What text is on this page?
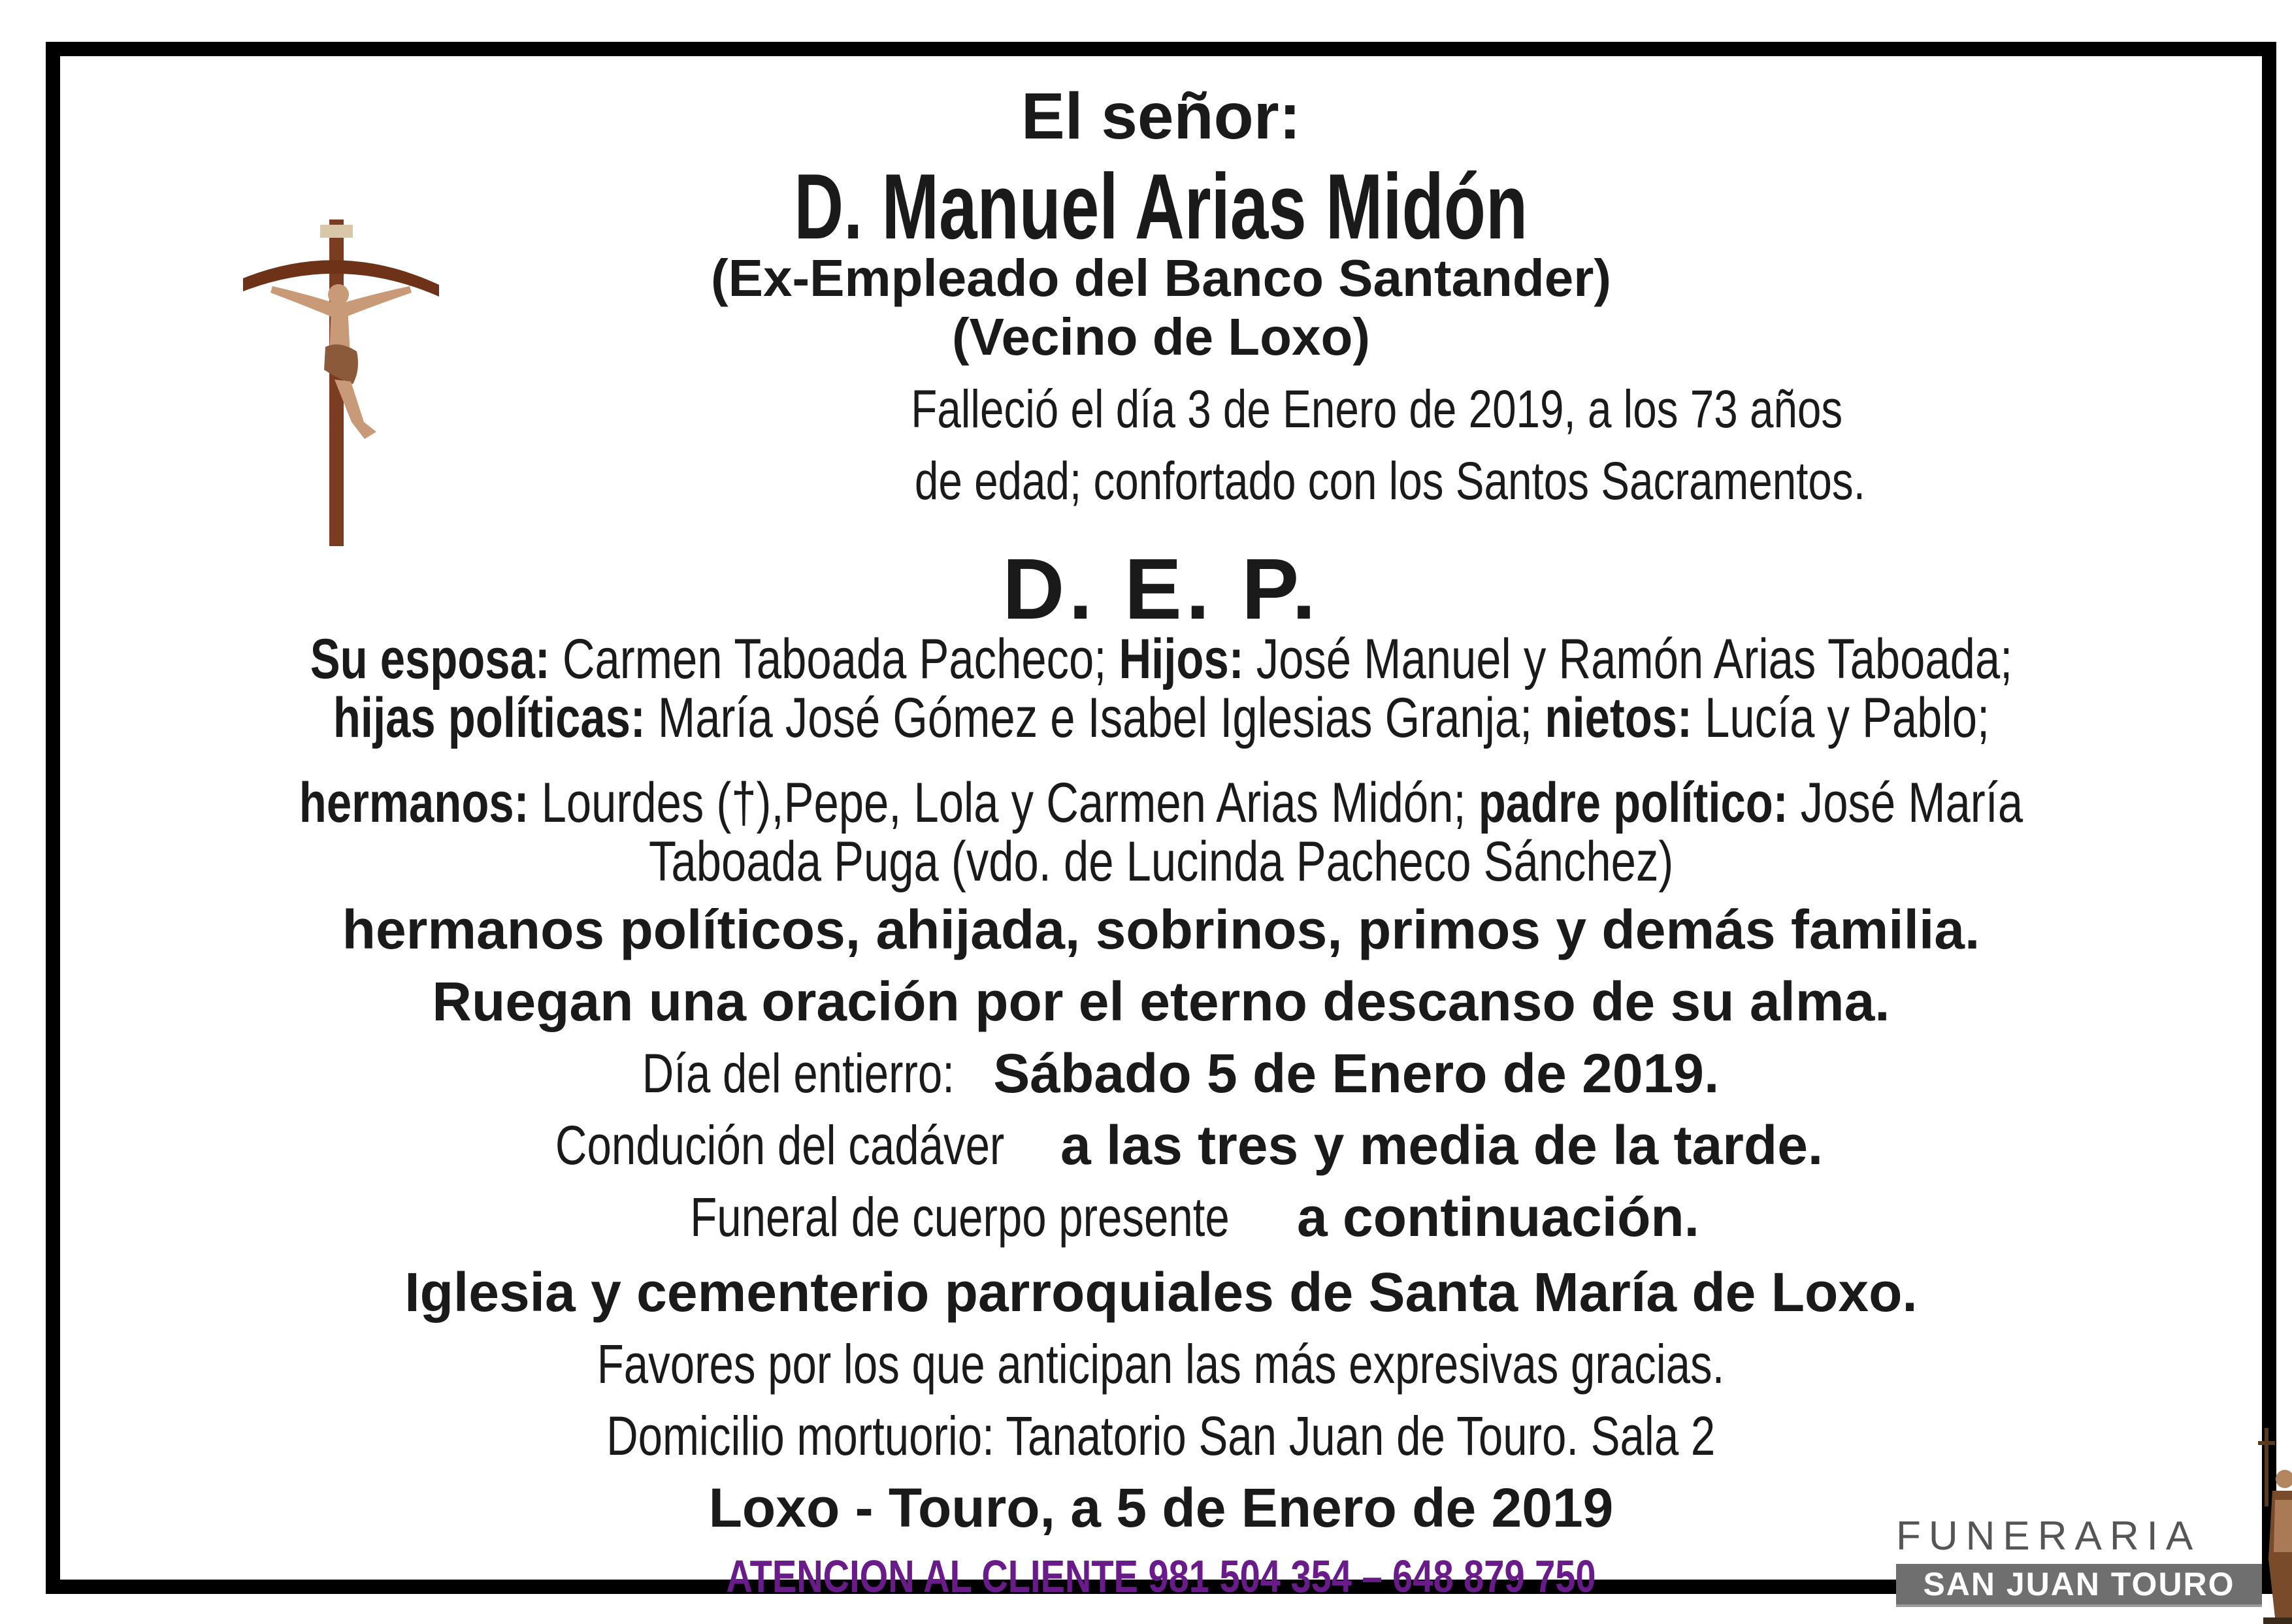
El señor:
D. Manuel Arias Midón
(Ex-Empleado del Banco Santander)
(Vecino de Loxo)
Falleció el día 3 de Enero de 2019, a los 73 años
de edad; confortado con los Santos Sacramentos.
D. E. P.
Su esposa: Carmen Taboada Pacheco; Hijos: José Manuel y Ramón Arias Taboada;
hijas políticas: María José Gómez e Isabel Iglesias Granja; nietos: Lucía y Pablo;
hermanos: Lourdes (†),Pepe, Lola y Carmen Arias Midón; padre político: José María
Taboada Puga (vdo. de Lucinda Pacheco Sánchez)
hermanos políticos, ahijada, sobrinos, primos y demás familia.
Ruegan una oración por el eterno descanso de su alma.
Día del entierro:Sábado 5 de Enero de 2019.
Condución del cadávera las tres y media de la tarde.
Funeral de cuerpo presentea continuación.
Iglesia y cementerio parroquiales de Santa María de Loxo.
Favores por los que anticipan las más expresivas gracias.
Domicilio mortuorio: Tanatorio San Juan de Touro. Sala 2
Loxo - Touro, a 5 de Enero de 2019
ATENCION AL CLIENTE 981 504 354 – 648 879 750
FUNERARIA
SAN JUAN TOURO
